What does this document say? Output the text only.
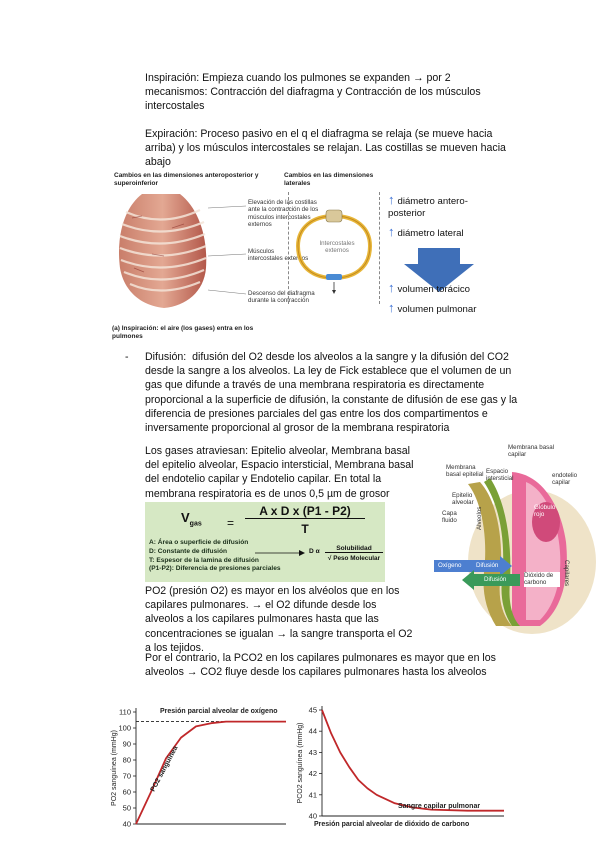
Inspiración: Empieza cuando los pulmones se expanden → por 2 mecanismos: Contracción del diafragma y Contracción de los músculos intercostales
Expiración: Proceso pasivo en el q el diafragma se relaja (se mueve hacia arriba) y los músculos intercostales se relajan. Las costillas se mueven hacia abajo
Cambios en las dimensiones anteroposterior y superoinferior
Cambios en las dimensiones laterales
Elevación de las costillas ante la contracción de los músculos intercostales externos
Músculos intercostales externos
Descenso del diafragma durante la contracción
Intercostales externos
↑ diámetro antero-posterior
↑ diámetro lateral
↑ volumen torácico
↑ volumen pulmonar
(a) Inspiración: el aire (los gases) entra en los pulmones
- Difusión:  difusión del O2 desde los alveolos a la sangre y la difusión del CO2 desde la sangre a los alveolos. La ley de Fick establece que el volumen de un gas que difunde a través de una membrana respiratoria es directamente proporcional a la superficie de difusión, la constante de difusión de ese gas y la diferencia de presiones parciales del gas entre los dos compartimentos e inversamente proporcional al grosor de la membrana respiratoria
Los gases atraviesan: Epitelio alveolar, Membrana basal del epitelio alveolar, Espacio intersticial, Membrana basal del endotelio capilar y Endotelio capilar. En total la membrana respiratoria es de unos 0,5 µm de grosor
$V_{gas}$ =
A x D x (P1 - P2)
T
A: Área o superficie de difusión
D: Constante de difusión
T: Espesor de la lamina de difusión
(P1-P2): Diferencia de presiones parciales
D α	Solubilidad
√ Peso Molecular
Membrana basal capilar
Membrana basal epitelial Espacio intersticial	endotelio capilar
Epitelio alveolar
Capa fluido
Glóbulo rojo
Alveolos
Capilares
Oxígeno Difusión
Difusión
Dióxido de carbono
PO2 (presión O2) es mayor en los alvéolos que en los capilares pulmonares. → el O2 difunde desde los alveolos a los capilares pulmonares hasta que las concentraciones se igualan → la sangre transporta el O2 a los tejidos.
Por el contrario, la PCO2 en los capilares pulmonares es mayor que en los alveolos → CO2 fluye desde los capilares pulmonares hasta los alveolos
40
50
60
70
80
90
100
110
PO2 sanguínea (mmHg)
Presión parcial alveolar de oxígeno
PO2 sanguínea
40
41
42
43
44
45
PCO2 sanguínea (mmHg)
Presión parcial alveolar de dióxido de carbono
Sangre capilar pulmonar
